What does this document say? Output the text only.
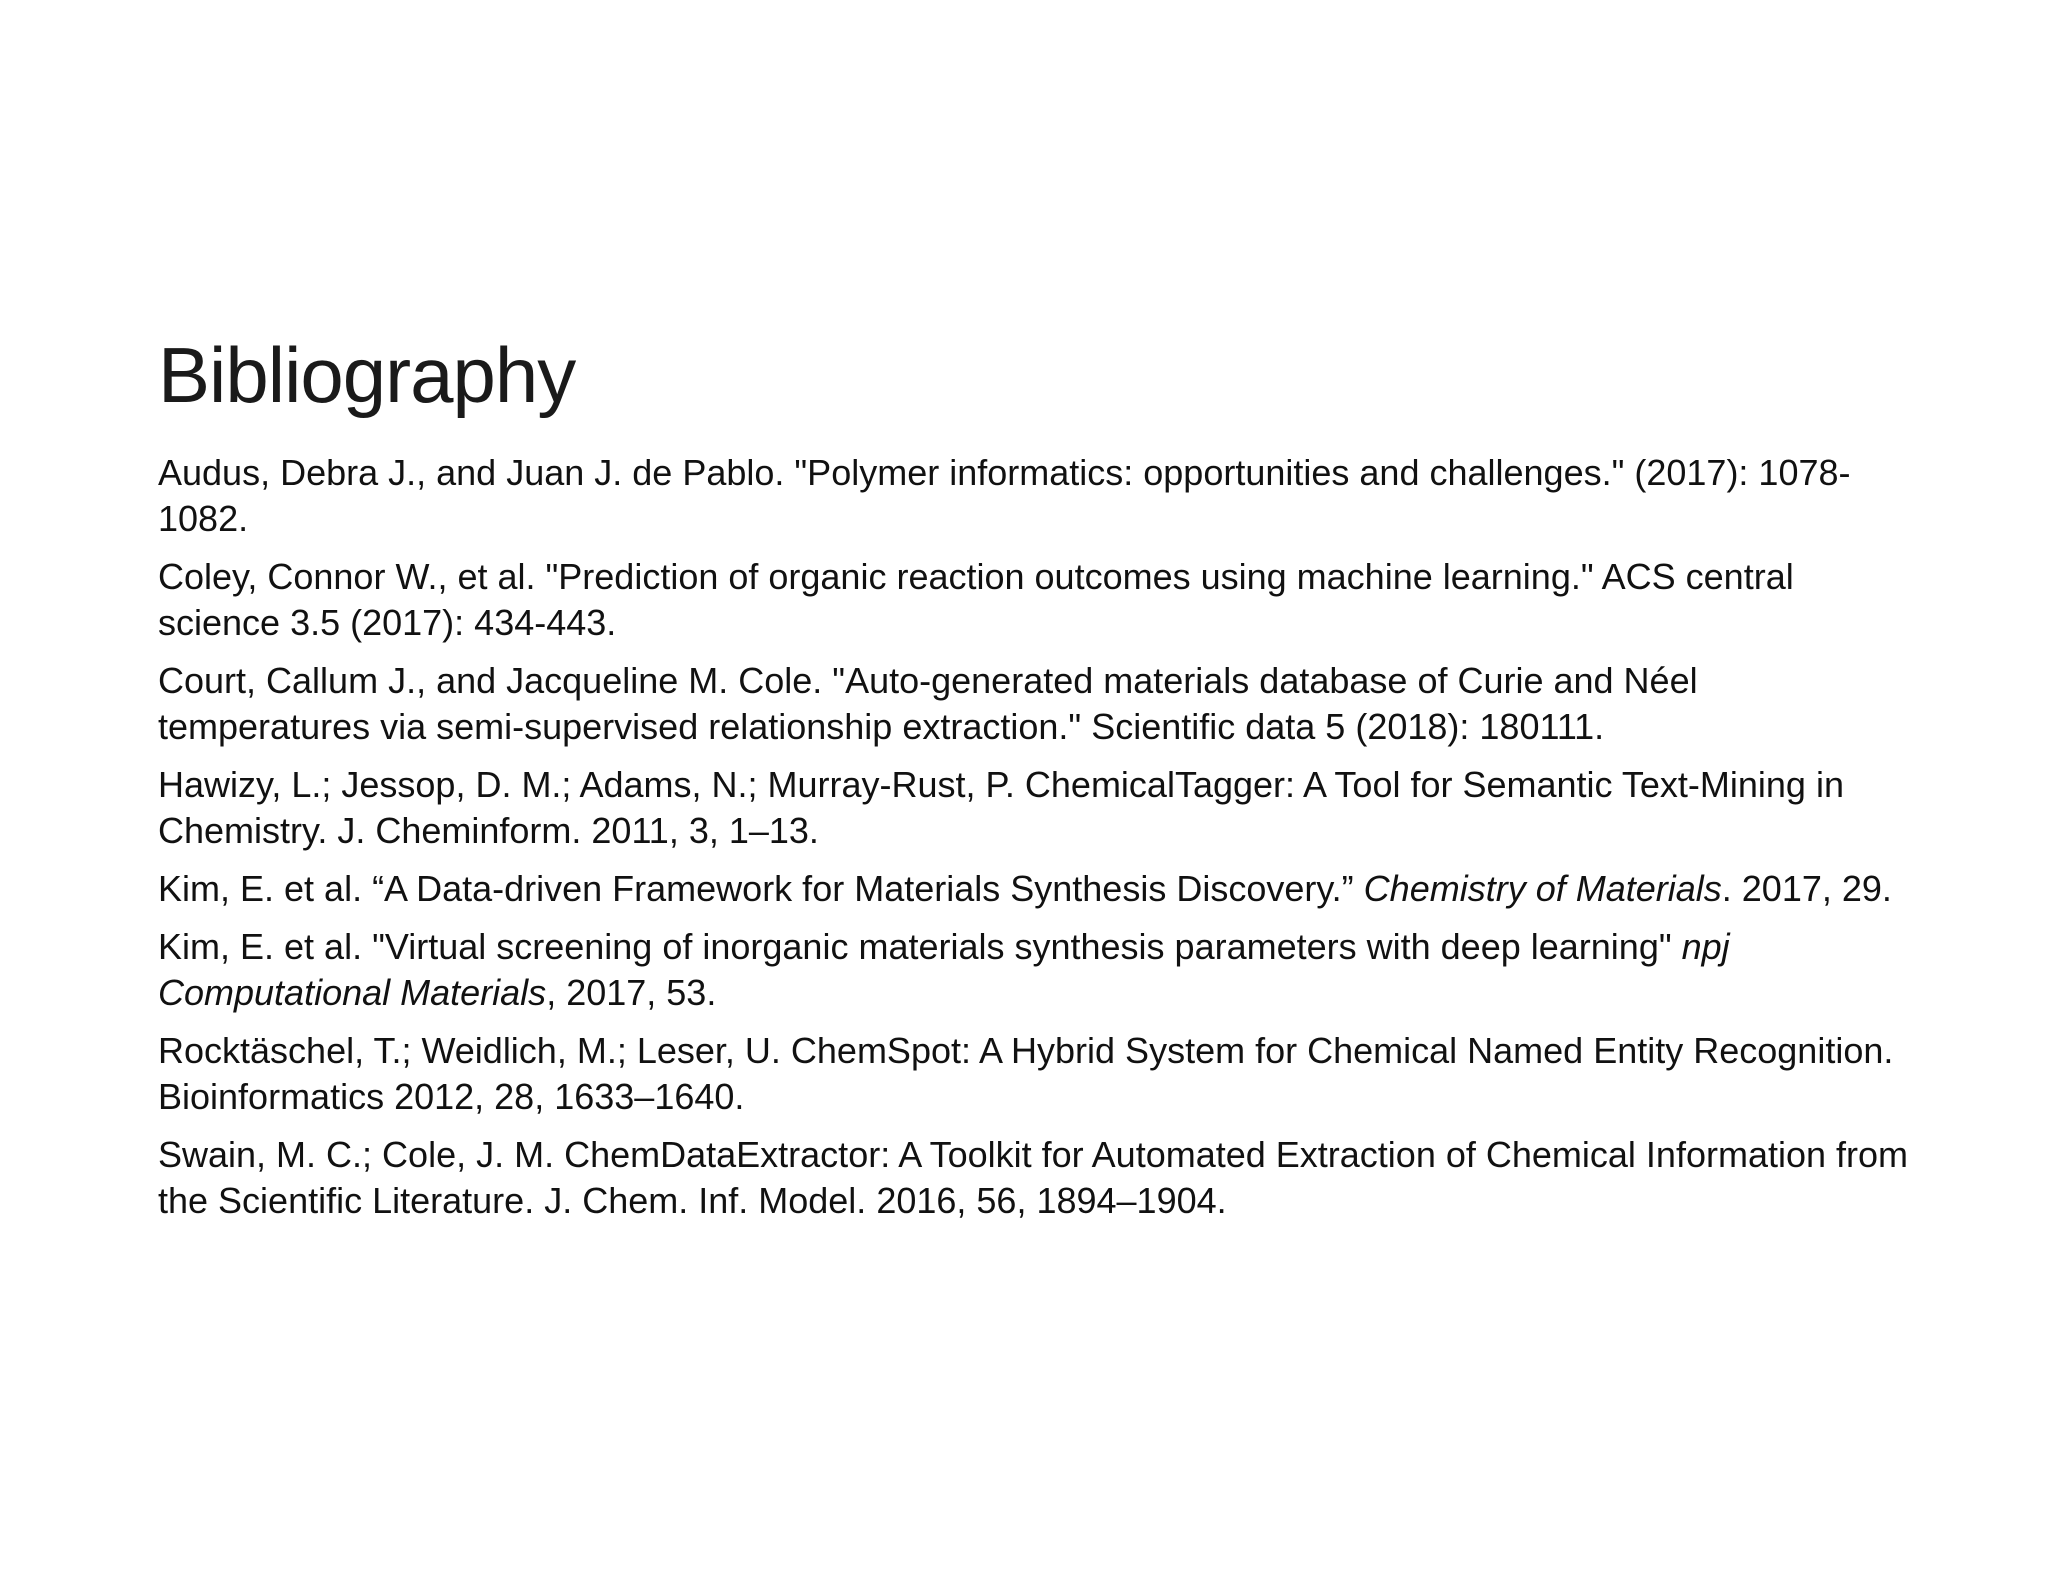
Bibliography
Audus, Debra J., and Juan J. de Pablo. "Polymer informatics: opportunities and challenges." (2017): 1078-1082.
Coley, Connor W., et al. "Prediction of organic reaction outcomes using machine learning." ACS central science 3.5 (2017): 434-443.
Court, Callum J., and Jacqueline M. Cole. "Auto-generated materials database of Curie and Néel temperatures via semi-supervised relationship extraction." Scientific data 5 (2018): 180111.
Hawizy, L.; Jessop, D. M.; Adams, N.; Murray-Rust, P. ChemicalTagger: A Tool for Semantic Text-Mining in Chemistry. J. Cheminform. 2011, 3, 1–13.
Kim, E. et al. “A Data-driven Framework for Materials Synthesis Discovery.” Chemistry of Materials. 2017, 29.
Kim, E. et al. "Virtual screening of inorganic materials synthesis parameters with deep learning" npj Computational Materials, 2017, 53.
Rocktäschel, T.; Weidlich, M.; Leser, U. ChemSpot: A Hybrid System for Chemical Named Entity Recognition. Bioinformatics 2012, 28, 1633–1640.
Swain, M. C.; Cole, J. M. ChemDataExtractor: A Toolkit for Automated Extraction of Chemical Information from the Scientific Literature. J. Chem. Inf. Model. 2016, 56, 1894–1904.
